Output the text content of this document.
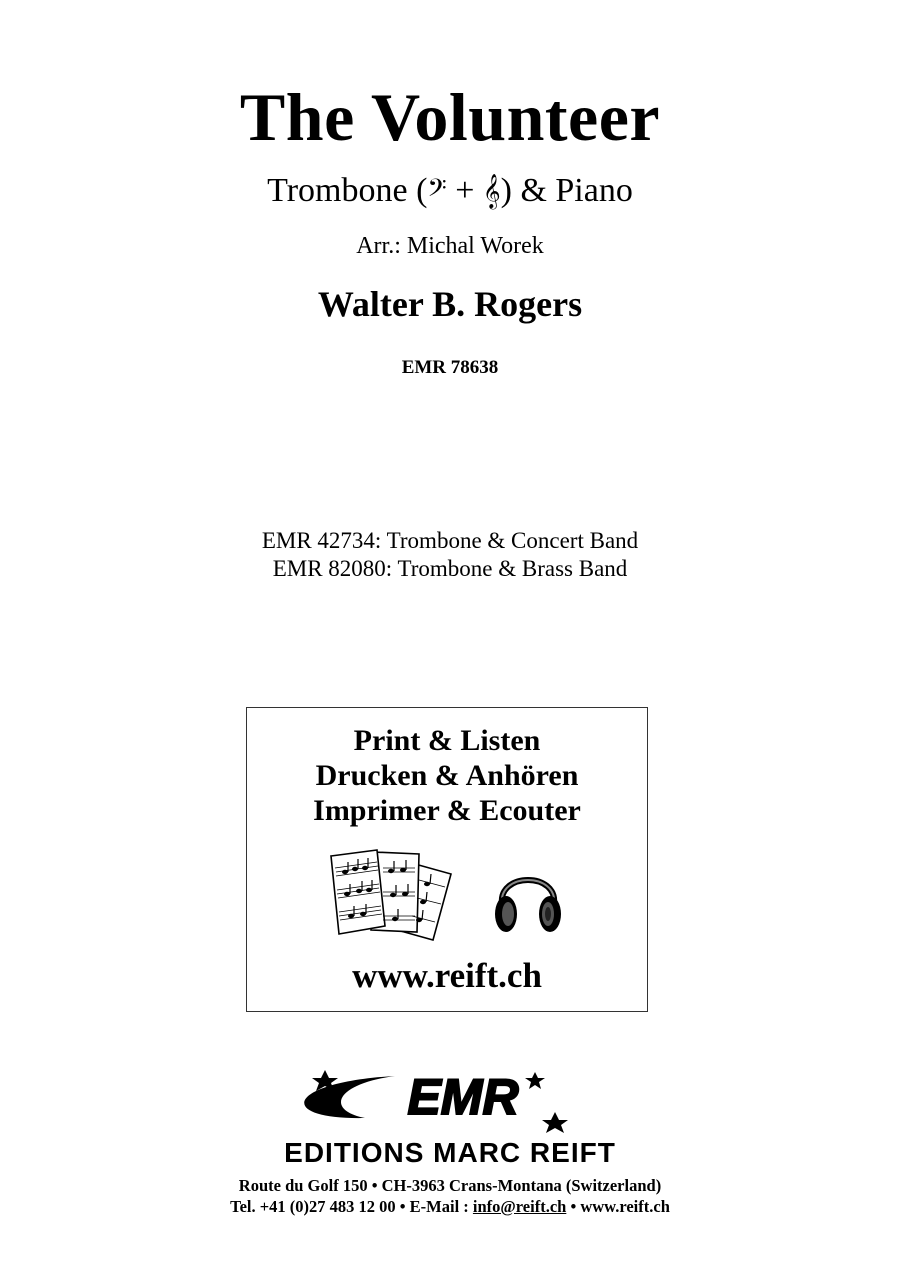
The Volunteer
Trombone (𝄢 + 𝄞) & Piano
Arr.: Michal Worek
Walter B. Rogers
EMR 78638
EMR 42734: Trombone & Concert Band
EMR 82080: Trombone & Brass Band
Print & Listen
Drucken & Anhören
Imprimer & Ecouter
www.reift.ch
EMR
EDITIONS MARC REIFT
Route du Golf 150 • CH-3963 Crans-Montana (Switzerland)
Tel. +41 (0)27 483 12 00 • E-Mail : info@reift.ch • www.reift.ch
